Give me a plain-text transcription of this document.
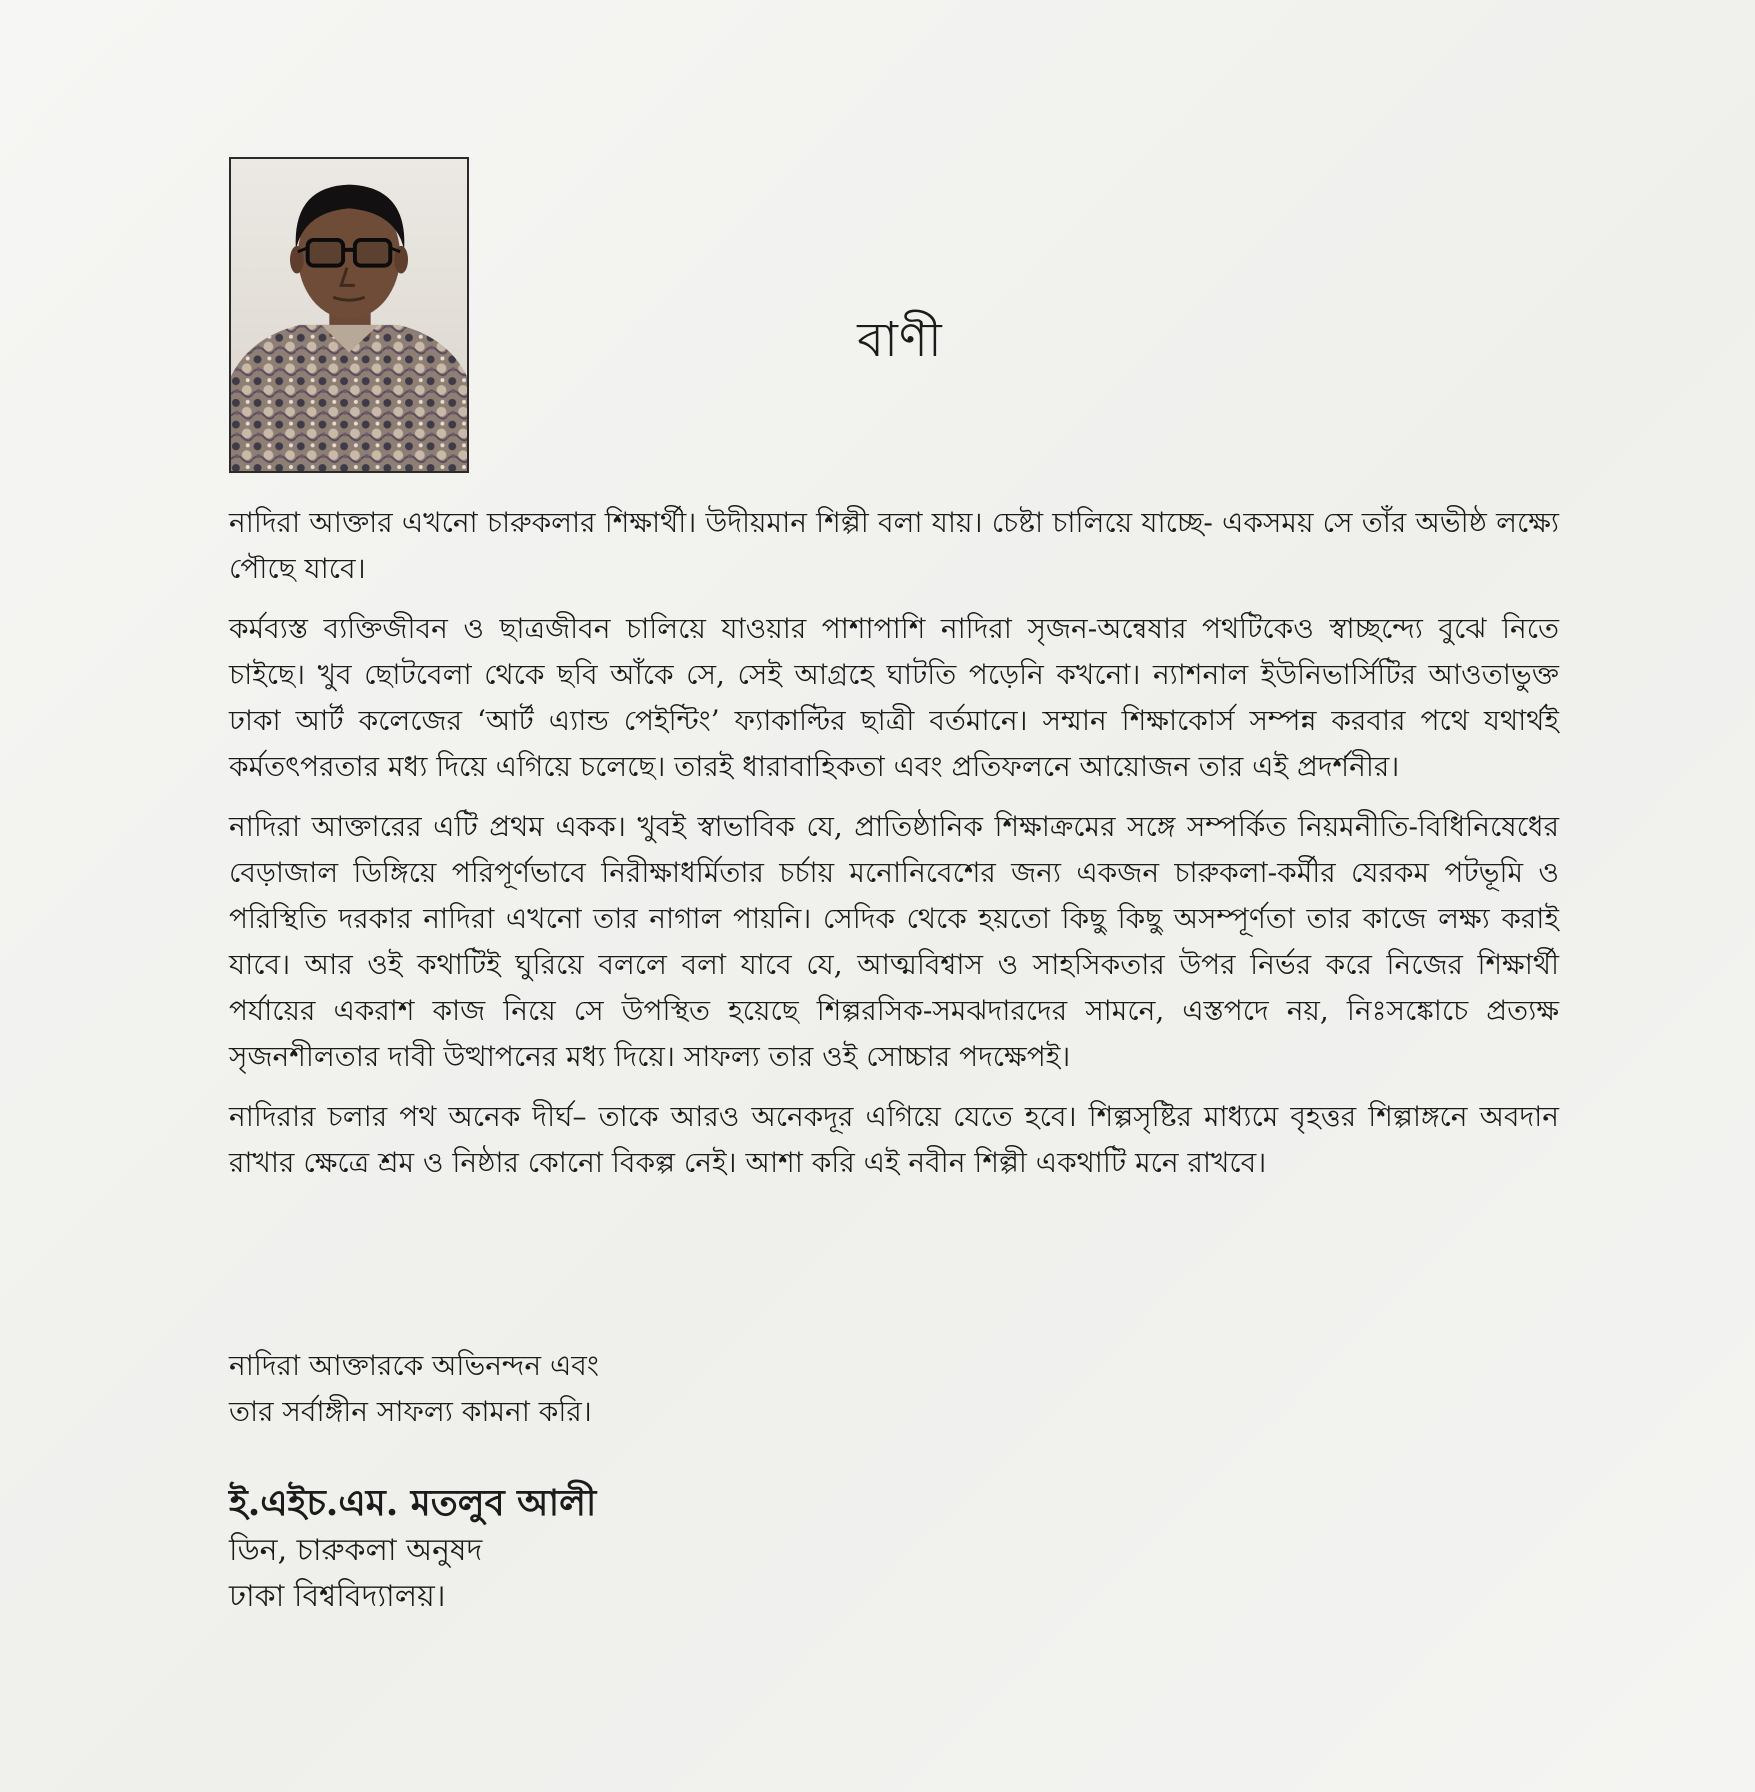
বাণী

নাদিরা আক্তার এখনো চারুকলার শিক্ষার্থী। উদীয়মান শিল্পী বলা যায়। চেষ্টা চালিয়ে যাচ্ছে- একসময় সে তাঁর অভীষ্ঠ লক্ষ্যে পৌছে যাবে।

কর্মব্যস্ত ব্যক্তিজীবন ও ছাত্রজীবন চালিয়ে যাওয়ার পাশাপাশি নাদিরা সৃজন-অন্বেষার পথটিকেও স্বাচ্ছন্দ্যে বুঝে নিতে চাইছে। খুব ছোটবেলা থেকে ছবি আঁকে সে, সেই আগ্রহে ঘাটতি পড়েনি কখনো। ন্যাশনাল ইউনিভার্সিটির আওতাভুক্ত ঢাকা আর্ট কলেজের ‘আর্ট এ্যান্ড পেইন্টিং’ ফ্যাকাল্টির ছাত্রী বর্তমানে। সম্মান শিক্ষাকোর্স সম্পন্ন করবার পথে যথার্থই কর্মতৎপরতার মধ্য দিয়ে এগিয়ে চলেছে। তারই ধারাবাহিকতা এবং প্রতিফলনে আয়োজন তার এই প্রদর্শনীর।

নাদিরা আক্তারের এটি প্রথম একক। খুবই স্বাভাবিক যে, প্রাতিষ্ঠানিক শিক্ষাক্রমের সঙ্গে সম্পর্কিত নিয়মনীতি-বিধিনিষেধের বেড়াজাল ডিঙ্গিয়ে পরিপূর্ণভাবে নিরীক্ষাধর্মিতার চর্চায় মনোনিবেশের জন্য একজন চারুকলা-কর্মীর যেরকম পটভূমি ও পরিস্থিতি দরকার নাদিরা এখনো তার নাগাল পায়নি। সেদিক থেকে হয়তো কিছু কিছু অসম্পূর্ণতা তার কাজে লক্ষ্য করাই যাবে। আর ওই কথাটিই ঘুরিয়ে বললে বলা যাবে যে, আত্মবিশ্বাস ও সাহসিকতার উপর নির্ভর করে নিজের শিক্ষার্থী পর্যায়ের একরাশ কাজ নিয়ে সে উপস্থিত হয়েছে শিল্পরসিক-সমঝদারদের সামনে, এস্তপদে নয়, নিঃসঙ্কোচে প্রত্যক্ষ সৃজনশীলতার দাবী উত্থাপনের মধ্য দিয়ে। সাফল্য তার ওই সোচ্চার পদক্ষেপই।

নাদিরার চলার পথ অনেক দীর্ঘ– তাকে আরও অনেকদূর এগিয়ে যেতে হবে। শিল্পসৃষ্টির মাধ্যমে বৃহত্তর শিল্পাঙ্গনে অবদান রাখার ক্ষেত্রে শ্রম ও নিষ্ঠার কোনো বিকল্প নেই। আশা করি এই নবীন শিল্পী একথাটি মনে রাখবে।

নাদিরা আক্তারকে অভিনন্দন এবং
তার সর্বাঙ্গীন সাফল্য কামনা করি।
ই.এইচ.এম. মতলুব আলী
ডিন, চারুকলা অনুষদ
ঢাকা বিশ্ববিদ্যালয়।
